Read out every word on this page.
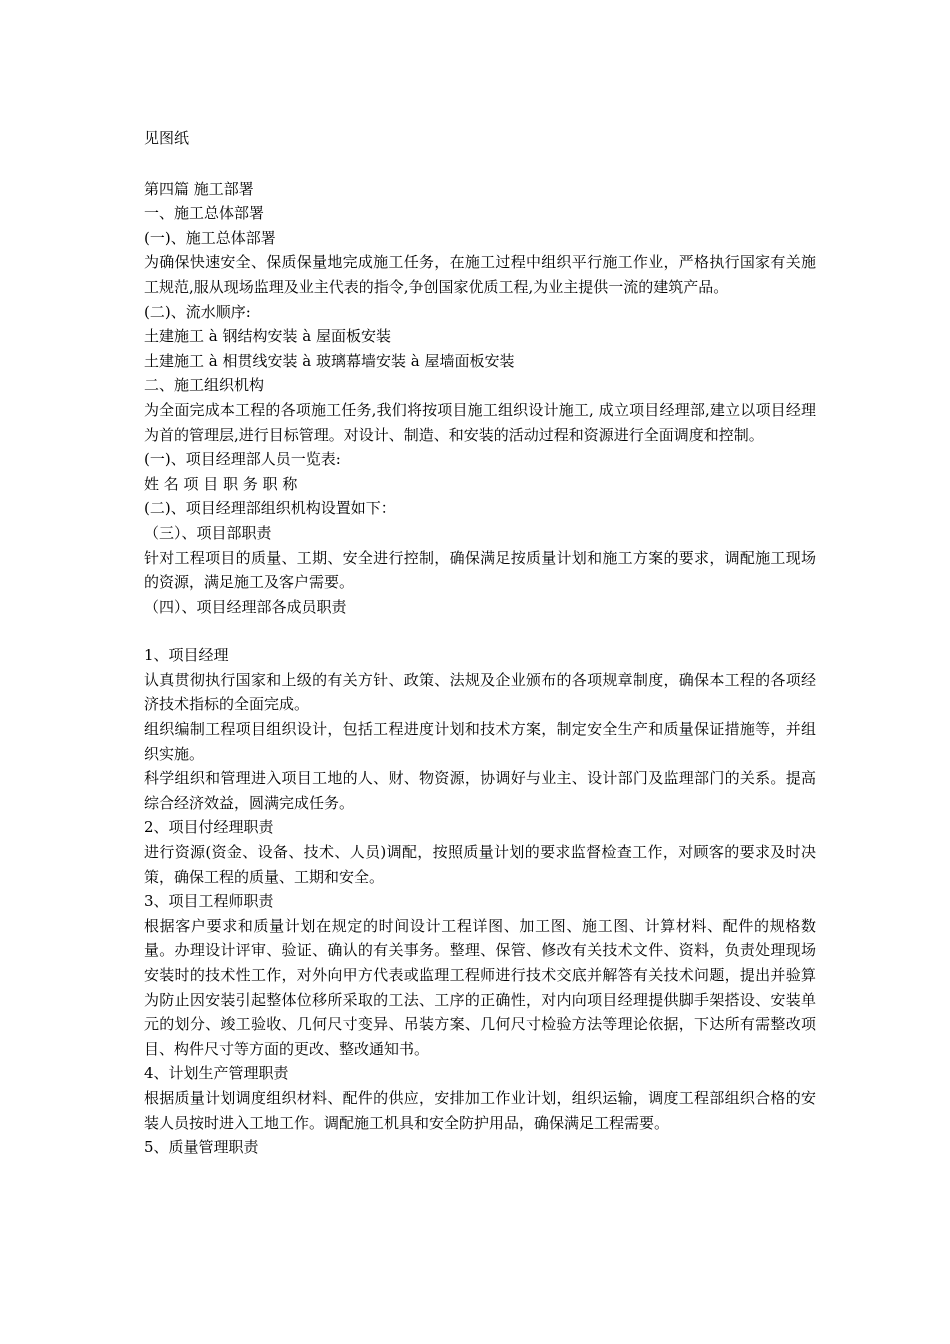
见图纸

第四篇 施工部署

一、施工总体部署

(一)、施工总体部署

为确保快速安全、保质保量地完成施工任务，在施工过程中组织平行施工作业，严格执行国家有关施工规范,服从现场监理及业主代表的指令,争创国家优质工程,为业主提供一流的建筑产品。

(二)、流水顺序:

土建施工 à 钢结构安装 à 屋面板安装

土建施工 à 相贯线安装 à 玻璃幕墙安装 à 屋墙面板安装

二、施工组织机构

为全面完成本工程的各项施工任务,我们将按项目施工组织设计施工, 成立项目经理部,建立以项目经理为首的管理层,进行目标管理。对设计、制造、和安装的活动过程和资源进行全面调度和控制。

(一)、项目经理部人员一览表:

姓 名 项 目 职 务 职 称

(二)、项目经理部组织机构设置如下：

（三）、项目部职责

针对工程项目的质量、工期、安全进行控制，确保满足按质量计划和施工方案的要求，调配施工现场的资源，满足施工及客户需要。

（四）、项目经理部各成员职责

1、项目经理

认真贯彻执行国家和上级的有关方针、政策、法规及企业颁布的各项规章制度，确保本工程的各项经济技术指标的全面完成。

组织编制工程项目组织设计，包括工程进度计划和技术方案，制定安全生产和质量保证措施等，并组织实施。

科学组织和管理进入项目工地的人、财、物资源，协调好与业主、设计部门及监理部门的关系。提高综合经济效益，圆满完成任务。

2、项目付经理职责

进行资源(资金、设备、技术、人员)调配，按照质量计划的要求监督检查工作，对顾客的要求及时决策，确保工程的质量、工期和安全。

3、项目工程师职责

根据客户要求和质量计划在规定的时间设计工程详图、加工图、施工图、计算材料、配件的规格数量。办理设计评审、验证、确认的有关事务。整理、保管、修改有关技术文件、资料，负责处理现场安装时的技术性工作，对外向甲方代表或监理工程师进行技术交底并解答有关技术问题，提出并验算为防止因安装引起整体位移所采取的工法、工序的正确性，对内向项目经理提供脚手架搭设、安装单元的划分、竣工验收、几何尺寸变异、吊装方案、几何尺寸检验方法等理论依据，下达所有需整改项目、构件尺寸等方面的更改、整改通知书。

4、计划生产管理职责

根据质量计划调度组织材料、配件的供应，安排加工作业计划，组织运输，调度工程部组织合格的安装人员按时进入工地工作。调配施工机具和安全防护用品，确保满足工程需要。

5、质量管理职责
